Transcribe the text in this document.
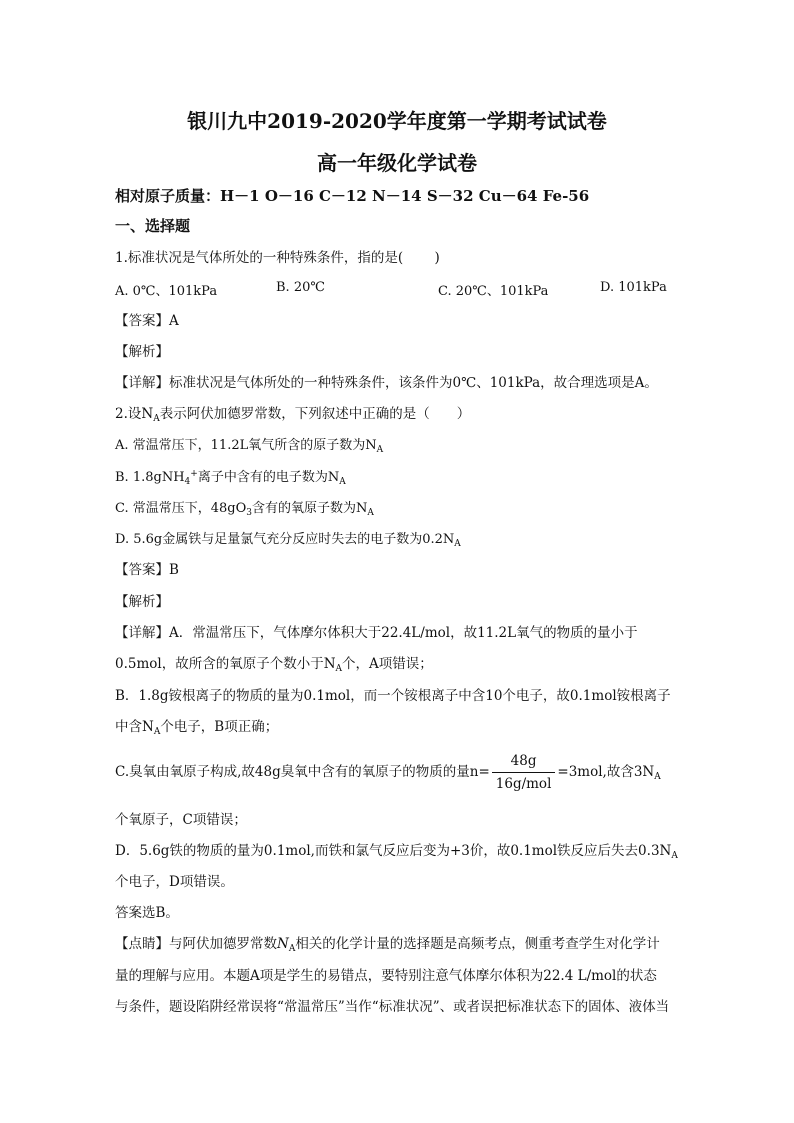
银川九中2019-2020学年度第一学期考试试卷
高一年级化学试卷
相对原子质量：H－1 O－16 C－12 N－14 S－32 Cu－64 Fe-56
一、选择题
1.标准状况是气体所处的一种特殊条件，指的是(　　 )
A. 0℃、101kPa	B. 20℃	C. 20℃、101kPa	D. 101kPa
【答案】A
【解析】
【详解】标准状况是气体所处的一种特殊条件，该条件为0℃、101kPa，故合理选项是A。
2.设$N_A$表示阿伏加德罗常数，下列叙述中正确的是（　　）
A. 常温常压下，11.2L氧气所含的原子数为$N_A$
B. 1.8gNH$_4$+离子中含有的电子数为$N_A$
C. 常温常压下，$48gO_3$含有的氧原子数为$N_A$
D. 5.6g金属铁与足量氯气充分反应时失去的电子数为$0.2N_A$
【答案】B
【解析】
【详解】A．常温常压下，气体摩尔体积大于22.4L/mol，故11.2L氧气的物质的量小于
0.5mol，故所含的氧原子个数小于$N_A$个，A项错误；
B．1.8g铵根离子的物质的量为0.1mol，而一个铵根离子中含10个电子，故0.1mol铵根离子
中含$N_A$个电子，B项正确；
C.臭氧由氧原子构成,故48g臭氧中含有的氧原子的物质的量$n= \frac{48g}{\text{16g/mol}} =3mol$,故含$3N_A$
个氧原子，C项错误；
D．5.6g铁的物质的量为0.1mol,而铁和氯气反应后变为+3价，故0.1mol铁反应后失去$0.3N_A$
个电子，D项错误。
答案选B。
【点睛】与阿伏加德罗常数$N_A$相关的化学计量的选择题是高频考点，侧重考查学生对化学计
量的理解与应用。本题A项是学生的易错点，要特别注意气体摩尔体积为22.4 L/mol的状态
与条件，题设陷阱经常误将“常温常压”当作“标准状况”、或者误把标准状态下的固体、液体当
